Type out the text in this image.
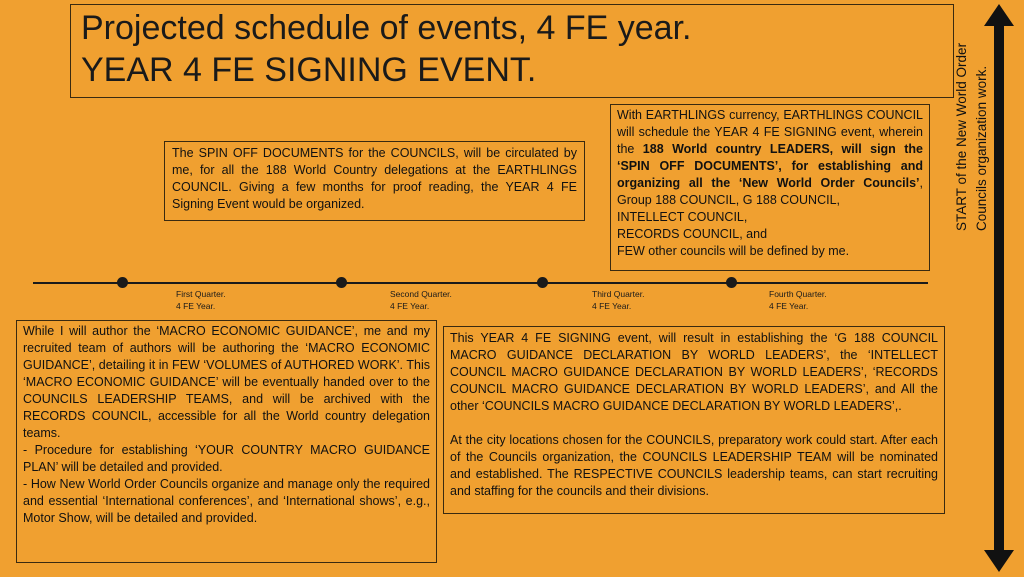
Projected schedule of events, 4 FE year.
YEAR 4 FE SIGNING EVENT.
The SPIN OFF DOCUMENTS for the COUNCILS, will be circulated by me, for all the 188 World Country delegations at the EARTHLINGS COUNCIL. Giving a few months for proof reading, the YEAR 4 FE Signing Event would be organized.
With EARTHLINGS currency, EARTHLINGS COUNCIL will schedule the YEAR 4 FE SIGNING event, wherein the 188 World country LEADERS, will sign the ‘SPIN OFF DOCUMENTS’, for establishing and organizing all the ‘New World Order Councils’, Group 188 COUNCIL, G 188 COUNCIL,
INTELLECT COUNCIL,
RECORDS COUNCIL, and
FEW other councils will be defined by me.
First Quarter.
4 FE Year.
Second Quarter.
4 FE Year.
Third Quarter.
4 FE Year.
Fourth Quarter.
4 FE Year.
While I will author the ‘MACRO ECONOMIC GUIDANCE’, me and my recruited team of authors will be authoring the ‘MACRO ECONOMIC GUIDANCE’, detailing it in FEW ‘VOLUMES of AUTHORED WORK’. This ‘MACRO ECONOMIC GUIDANCE’ will be eventually handed over to the COUNCILS LEADERSHIP TEAMS, and will be archived with the RECORDS COUNCIL, accessible for all the World country delegation teams.
- Procedure for establishing ‘YOUR COUNTRY MACRO GUIDANCE PLAN’ will be detailed and provided.
- How New World Order Councils organize and manage only the required and essential ‘International conferences’, and ‘International shows’, e.g., Motor Show, will be detailed and provided.

This YEAR 4 FE SIGNING event, will result in establishing the ‘G 188 COUNCIL MACRO GUIDANCE DECLARATION BY WORLD LEADERS’, the ‘INTELLECT COUNCIL MACRO GUIDANCE DECLARATION BY WORLD LEADERS’, ‘RECORDS COUNCIL MACRO GUIDANCE DECLARATION BY WORLD LEADERS’, and All the other ‘COUNCILS MACRO GUIDANCE DECLARATION BY WORLD LEADERS’,.

At the city locations chosen for the COUNCILS, preparatory work could start. After each of the Councils organization, the COUNCILS LEADERSHIP TEAM will be nominated and established. The RESPECTIVE COUNCILS leadership teams, can start recruiting and staffing for the councils and their divisions.

START of the New World Order Councils organization work.
